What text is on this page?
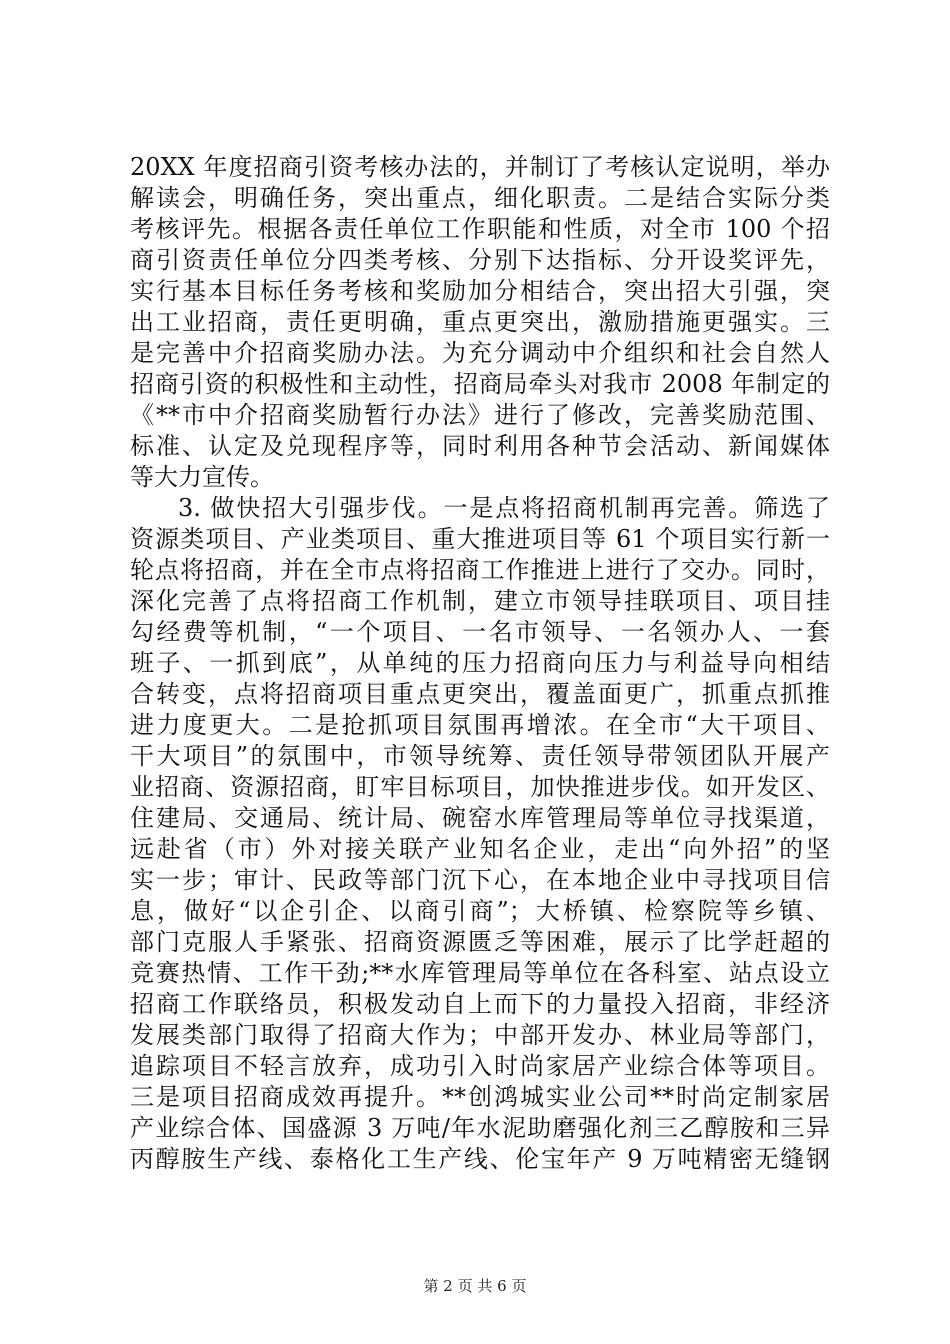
20XX 年度招商引资考核办法的，并制订了考核认定说明，举办
解读会，明确任务，突出重点，细化职责。二是结合实际分类
考核评先。根据各责任单位工作职能和性质，对全市 100 个招
商引资责任单位分四类考核、分别下达指标、分开设奖评先，
实行基本目标任务考核和奖励加分相结合，突出招大引强，突
出工业招商，责任更明确，重点更突出，激励措施更强实。三
是完善中介招商奖励办法。为充分调动中介组织和社会自然人
招商引资的积极性和主动性，招商局牵头对我市 2008 年制定的
《**市中介招商奖励暂行办法》进行了修改，完善奖励范围、
标准、认定及兑现程序等，同时利用各种节会活动、新闻媒体
等大力宣传。
3. 做快招大引强步伐。一是点将招商机制再完善。筛选了
资源类项目、产业类项目、重大推进项目等 61 个项目实行新一
轮点将招商，并在全市点将招商工作推进上进行了交办。同时，
深化完善了点将招商工作机制，建立市领导挂联项目、项目挂
勾经费等机制，“一个项目、一名市领导、一名领办人、一套
班子、一抓到底”，从单纯的压力招商向压力与利益导向相结
合转变，点将招商项目重点更突出，覆盖面更广，抓重点抓推
进力度更大。二是抢抓项目氛围再增浓。在全市“大干项目、
干大项目”的氛围中，市领导统筹、责任领导带领团队开展产
业招商、资源招商，盯牢目标项目，加快推进步伐。如开发区、
住建局、交通局、统计局、碗窑水库管理局等单位寻找渠道，
远赴省（市）外对接关联产业知名企业，走出“向外招”的坚
实一步；审计、民政等部门沉下心，在本地企业中寻找项目信
息，做好“以企引企、以商引商”；大桥镇、检察院等乡镇、
部门克服人手紧张、招商资源匮乏等困难，展示了比学赶超的
竞赛热情、工作干劲;**水库管理局等单位在各科室、站点设立
招商工作联络员，积极发动自上而下的力量投入招商，非经济
发展类部门取得了招商大作为；中部开发办、林业局等部门，
追踪项目不轻言放弃，成功引入时尚家居产业综合体等项目。
三是项目招商成效再提升。**创鸿城实业公司**时尚定制家居
产业综合体、国盛源 3 万吨/年水泥助磨强化剂三乙醇胺和三异
丙醇胺生产线、泰格化工生产线、伦宝年产 9 万吨精密无缝钢
第 2 页 共 6 页
